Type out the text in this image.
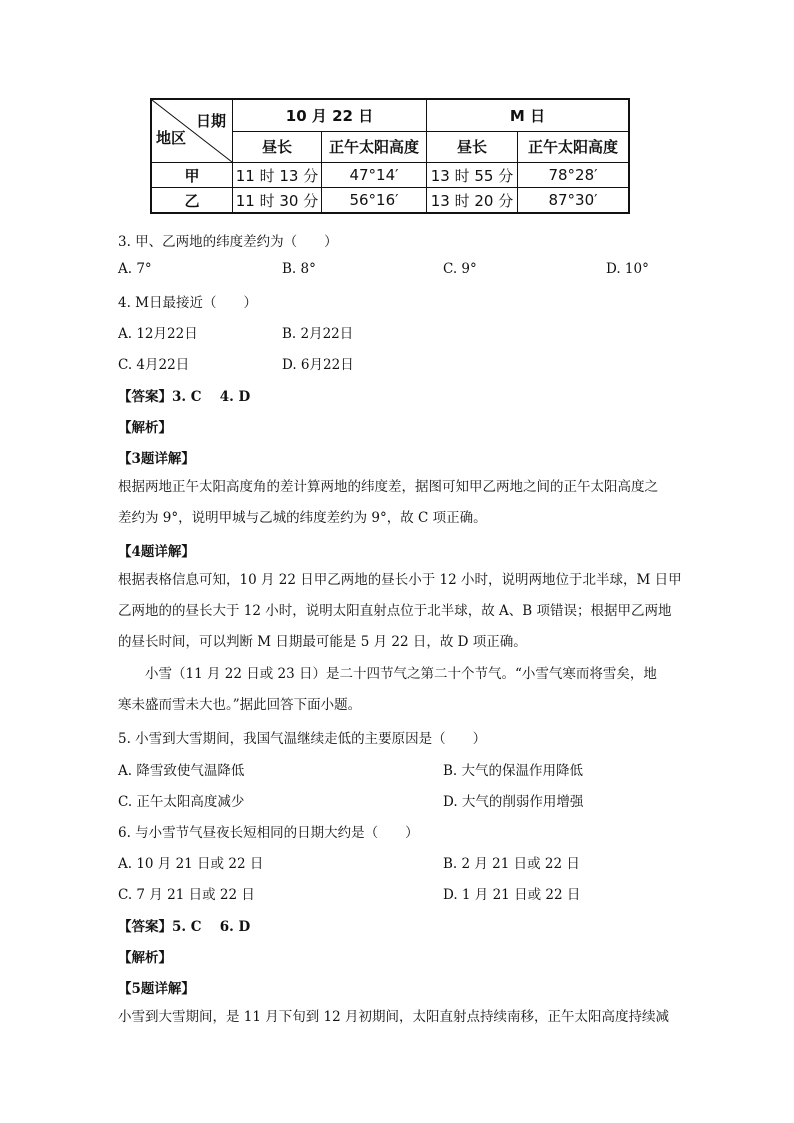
日期
地区	10 月 22 日		M 日	
	昼长	正午太阳高度	昼长	正午太阳高度
甲	11 时 13 分	47°14′	13 时 55 分	78°28′
乙	11 时 30 分	56°16′	13 时 20 分	87°30′
3. 甲、乙两地的纬度差约为（　　）
A. 7°	B. 8°	C. 9°	D. 10°
4. M日最接近（　　）
A. 12月22日	B. 2月22日
C. 4月22日	D. 6月22日
【答案】3. C　 4. D
【解析】
【3题详解】
根据两地正午太阳高度角的差计算两地的纬度差，据图可知甲乙两地之间的正午太阳高度之
差约为 9°，说明甲城与乙城的纬度差约为 9°，故 C 项正确。
【4题详解】
根据表格信息可知，10 月 22 日甲乙两地的昼长小于 12 小时，说明两地位于北半球，M 日甲
乙两地的的昼长大于 12 小时，说明太阳直射点位于北半球，故 A、B 项错误；根据甲乙两地
的昼长时间，可以判断 M 日期最可能是 5 月 22 日，故 D 项正确。
　　小雪（11 月 22 日或 23 日）是二十四节气之第二十个节气。“小雪气寒而将雪矣，地
寒未盛而雪未大也。”据此回答下面小题。
5. 小雪到大雪期间，我国气温继续走低的主要原因是（　　）
A. 降雪致使气温降低	B. 大气的保温作用降低
C. 正午太阳高度减少	D. 大气的削弱作用增强
6. 与小雪节气昼夜长短相同的日期大约是（　　）
A. 10 月 21 日或 22 日	B. 2 月 21 日或 22 日
C. 7 月 21 日或 22 日	D. 1 月 21 日或 22 日
【答案】5. C　 6. D
【解析】
【5题详解】
小雪到大雪期间，是 11 月下旬到 12 月初期间，太阳直射点持续南移，正午太阳高度持续减
